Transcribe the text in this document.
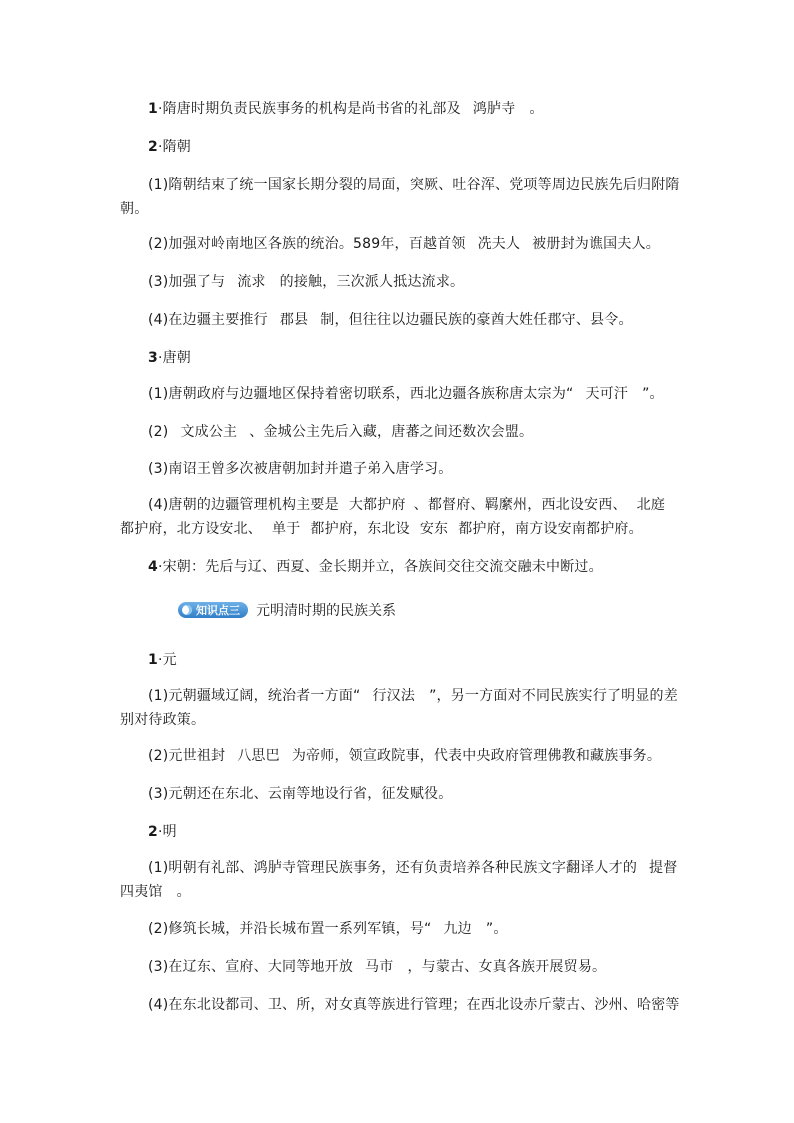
1·隋唐时期负责民族事务的机构是尚书省的礼部及 鸿胪寺 。
2·隋朝
(1)隋朝结束了统一国家长期分裂的局面，突厥、吐谷浑、党项等周边民族先后归附隋
朝。
(2)加强对岭南地区各族的统治。589年，百越首领 冼夫人 被册封为谯国夫人。
(3)加强了与 流求 的接触，三次派人抵达流求。
(4)在边疆主要推行 郡县 制，但往往以边疆民族的豪酋大姓任郡守、县令。
3·唐朝
(1)唐朝政府与边疆地区保持着密切联系，西北边疆各族称唐太宗为“ 天可汗 ”。
(2) 文成公主 、金城公主先后入藏，唐蕃之间还数次会盟。
(3)南诏王曾多次被唐朝加封并遣子弟入唐学习。
(4)唐朝的边疆管理机构主要是 大都护府 、都督府、羁縻州，西北设安西、 北庭
都护府，北方设安北、 单于 都护府，东北设 安东 都护府，南方设安南都护府。
4·宋朝：先后与辽、西夏、金长期并立，各族间交往交流交融未中断过。
知识点三 元明清时期的民族关系
1·元
(1)元朝疆域辽阔，统治者一方面“ 行汉法 ”，另一方面对不同民族实行了明显的差
别对待政策。
(2)元世祖封 八思巴 为帝师，领宣政院事，代表中央政府管理佛教和藏族事务。
(3)元朝还在东北、云南等地设行省，征发赋役。
2·明
(1)明朝有礼部、鸿胪寺管理民族事务，还有负责培养各种民族文字翻译人才的 提督
四夷馆 。
(2)修筑长城，并沿长城布置一系列军镇，号“ 九边 ”。
(3)在辽东、宣府、大同等地开放 马市 ，与蒙古、女真各族开展贸易。
(4)在东北设都司、卫、所，对女真等族进行管理；在西北设赤斤蒙古、沙州、哈密等
